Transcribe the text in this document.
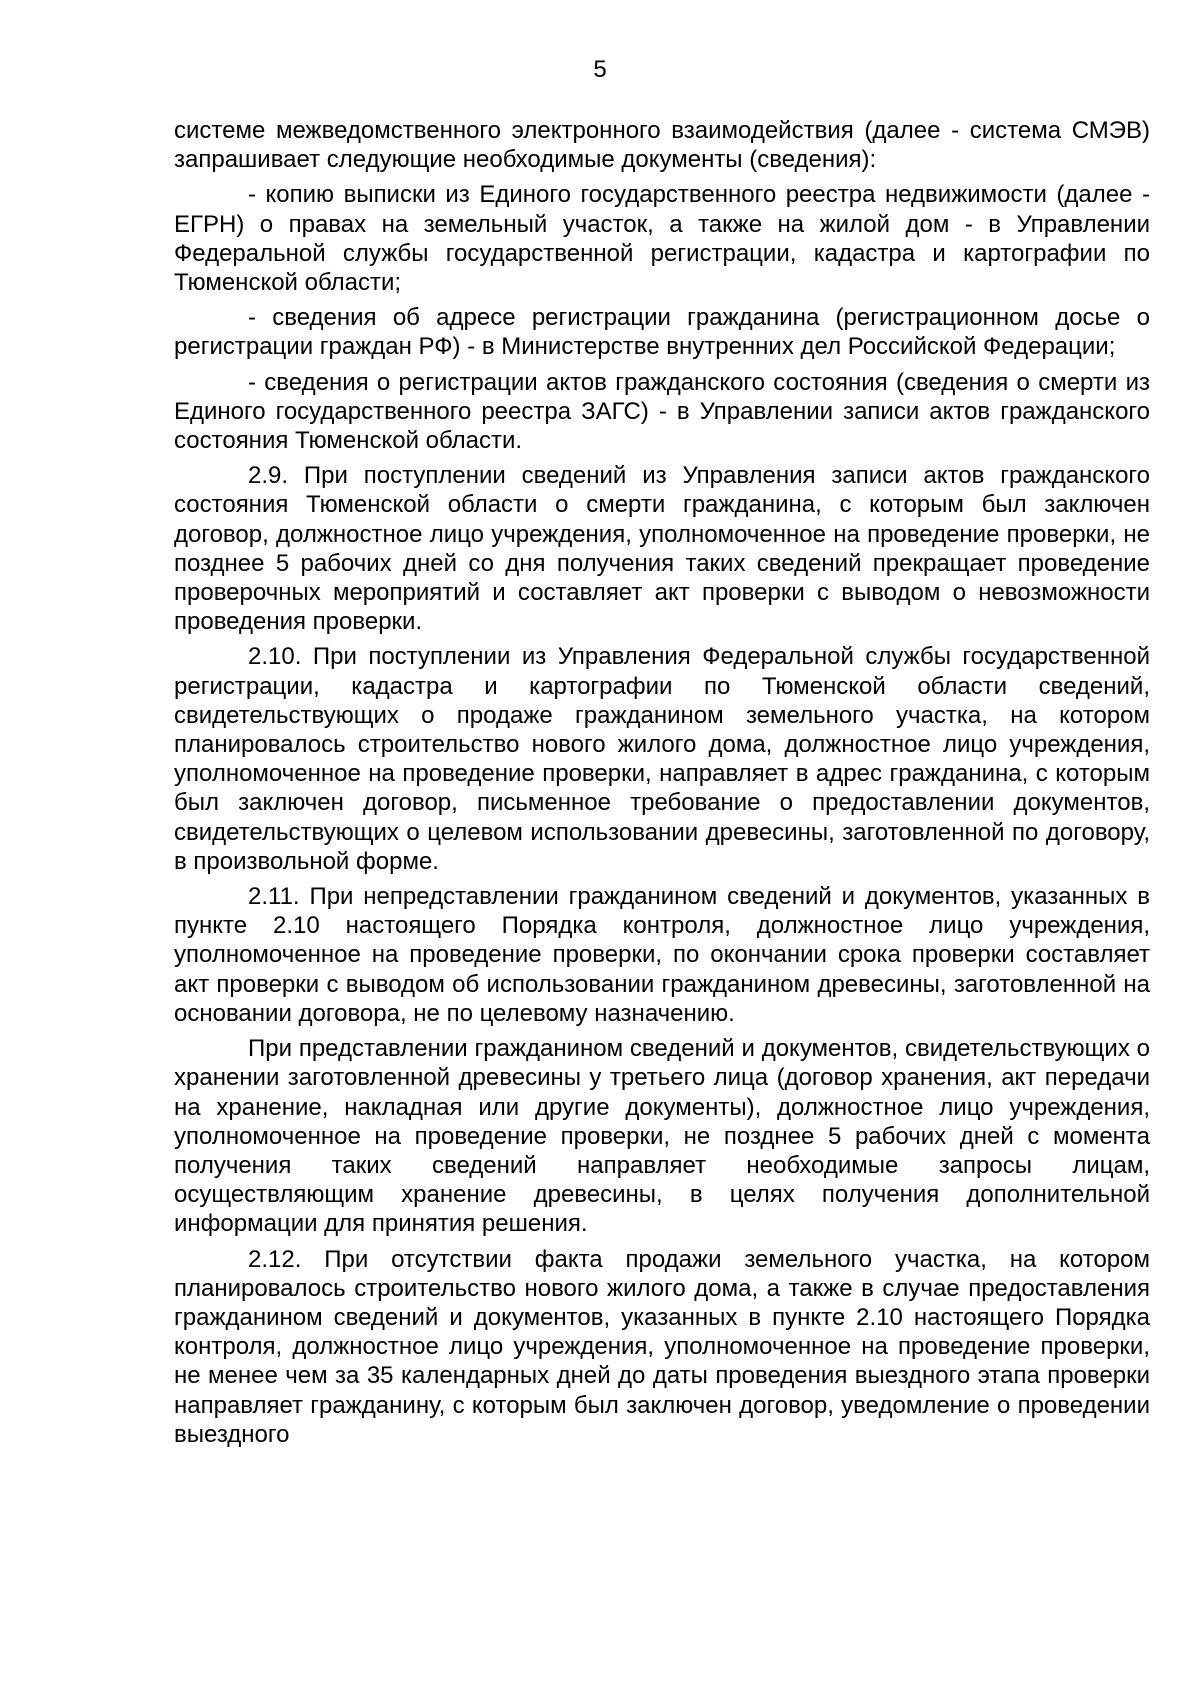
5

системе межведомственного электронного взаимодействия (далее - система СМЭВ) запрашивает следующие необходимые документы (сведения):

- копию выписки из Единого государственного реестра недвижимости (далее - ЕГРН) о правах на земельный участок, а также на жилой дом - в Управлении Федеральной службы государственной регистрации, кадастра и картографии по Тюменской области;

- сведения об адресе регистрации гражданина (регистрационном досье о регистрации граждан РФ) - в Министерстве внутренних дел Российской Федерации;

- сведения о регистрации актов гражданского состояния (сведения о смерти из Единого государственного реестра ЗАГС) - в Управлении записи актов гражданского состояния Тюменской области.

2.9. При поступлении сведений из Управления записи актов гражданского состояния Тюменской области о смерти гражданина, с которым был заключен договор, должностное лицо учреждения, уполномоченное на проведение проверки, не позднее 5 рабочих дней со дня получения таких сведений прекращает проведение проверочных мероприятий и составляет акт проверки с выводом о невозможности проведения проверки.

2.10. При поступлении из Управления Федеральной службы государственной регистрации, кадастра и картографии по Тюменской области сведений, свидетельствующих о продаже гражданином земельного участка, на котором планировалось строительство нового жилого дома, должностное лицо учреждения, уполномоченное на проведение проверки, направляет в адрес гражданина, с которым был заключен договор, письменное требование о предоставлении документов, свидетельствующих о целевом использовании древесины, заготовленной по договору, в произвольной форме.

2.11. При непредставлении гражданином сведений и документов, указанных в пункте 2.10 настоящего Порядка контроля, должностное лицо учреждения, уполномоченное на проведение проверки, по окончании срока проверки составляет акт проверки с выводом об использовании гражданином древесины, заготовленной на основании договора, не по целевому назначению.

При представлении гражданином сведений и документов, свидетельствующих о хранении заготовленной древесины у третьего лица (договор хранения, акт передачи на хранение, накладная или другие документы), должностное лицо учреждения, уполномоченное на проведение проверки, не позднее 5 рабочих дней с момента получения таких сведений направляет необходимые запросы лицам, осуществляющим хранение древесины, в целях получения дополнительной информации для принятия решения.

2.12. При отсутствии факта продажи земельного участка, на котором планировалось строительство нового жилого дома, а также в случае предоставления гражданином сведений и документов, указанных в пункте 2.10 настоящего Порядка контроля, должностное лицо учреждения, уполномоченное на проведение проверки, не менее чем за 35 календарных дней до даты проведения выездного этапа проверки направляет гражданину, с которым был заключен договор, уведомление о проведении выездного
